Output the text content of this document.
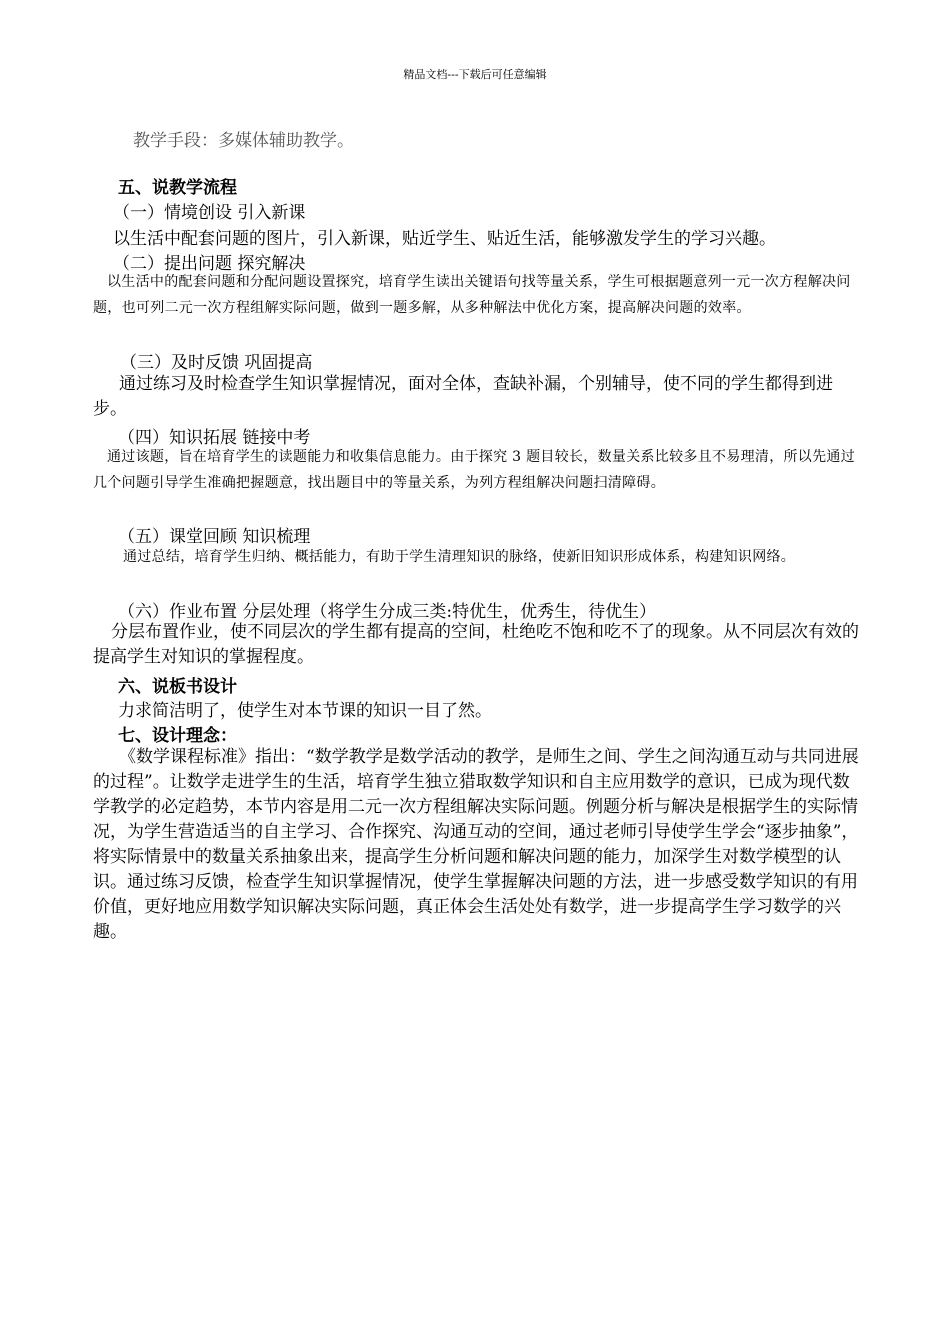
精品文档---下载后可任意编辑
教学手段：多媒体辅助教学。
五、说教学流程
（一）情境创设 引入新课
以生活中配套问题的图片，引入新课，贴近学生、贴近生活，能够激发学生的学习兴趣。
（二）提出问题 探究解决
以生活中的配套问题和分配问题设置探究，培育学生读出关键语句找等量关系，学生可根据题意列一元一次方程解决问题，也可列二元一次方程组解实际问题，做到一题多解，从多种解法中优化方案，提高解决问题的效率。
（三）及时反馈 巩固提高
通过练习及时检查学生知识掌握情况，面对全体，查缺补漏，个别辅导，使不同的学生都得到进步。
（四）知识拓展 链接中考
通过该题，旨在培育学生的读题能力和收集信息能力。由于探究 3 题目较长，数量关系比较多且不易理清，所以先通过几个问题引导学生准确把握题意，找出题目中的等量关系，为列方程组解决问题扫清障碍。
（五）课堂回顾 知识梳理
通过总结，培育学生归纳、概括能力，有助于学生清理知识的脉络，使新旧知识形成体系，构建知识网络。
（六）作业布置 分层处理（将学生分成三类:特优生，优秀生，待优生）
分层布置作业，使不同层次的学生都有提高的空间，杜绝吃不饱和吃不了的现象。从不同层次有效的提高学生对知识的掌握程度。
六、说板书设计
力求简洁明了，使学生对本节课的知识一目了然。
七、设计理念：
《数学课程标准》指出：“数学教学是数学活动的教学，是师生之间、学生之间沟通互动与共同进展的过程”。让数学走进学生的生活，培育学生独立猎取数学知识和自主应用数学的意识，已成为现代数学教学的必定趋势，本节内容是用二元一次方程组解决实际问题。例题分析与解决是根据学生的实际情况，为学生营造适当的自主学习、合作探究、沟通互动的空间，通过老师引导使学生学会“逐步抽象”，将实际情景中的数量关系抽象出来，提高学生分析问题和解决问题的能力，加深学生对数学模型的认识。通过练习反馈，检查学生知识掌握情况，使学生掌握解决问题的方法，进一步感受数学知识的有用价值，更好地应用数学知识解决实际问题，真正体会生活处处有数学，进一步提高学生学习数学的兴趣。
